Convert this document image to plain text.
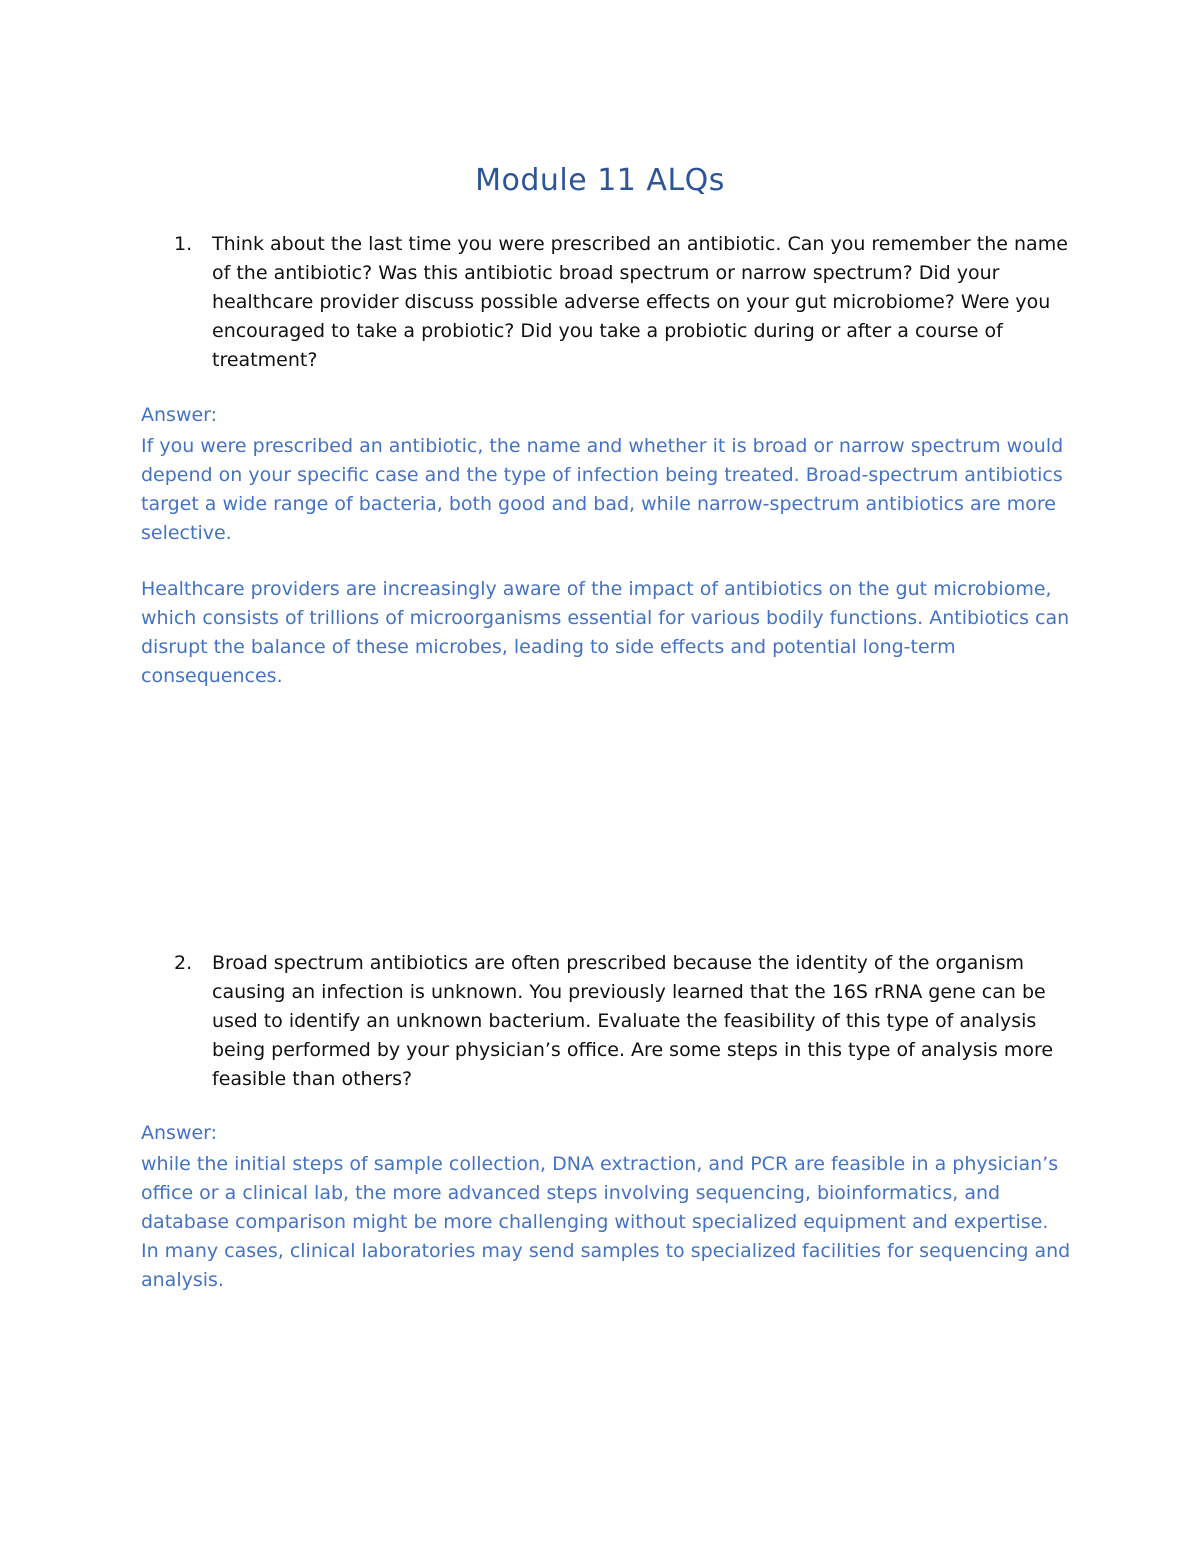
Module 11 ALQs
1. Think about the last time you were prescribed an antibiotic. Can you remember the name of the antibiotic? Was this antibiotic broad spectrum or narrow spectrum? Did your healthcare provider discuss possible adverse effects on your gut microbiome? Were you encouraged to take a probiotic? Did you take a probiotic during or after a course of treatment?
Answer:

If you were prescribed an antibiotic, the name and whether it is broad or narrow spectrum would depend on your specific case and the type of infection being treated. Broad-spectrum antibiotics target a wide range of bacteria, both good and bad, while narrow-spectrum antibiotics are more selective.

Healthcare providers are increasingly aware of the impact of antibiotics on the gut microbiome, which consists of trillions of microorganisms essential for various bodily functions. Antibiotics can disrupt the balance of these microbes, leading to side effects and potential long-term consequences.

2. Broad spectrum antibiotics are often prescribed because the identity of the organism causing an infection is unknown. You previously learned that the 16S rRNA gene can be used to identify an unknown bacterium. Evaluate the feasibility of this type of analysis being performed by your physician’s office. Are some steps in this type of analysis more feasible than others?
Answer:

while the initial steps of sample collection, DNA extraction, and PCR are feasible in a physician’s office or a clinical lab, the more advanced steps involving sequencing, bioinformatics, and database comparison might be more challenging without specialized equipment and expertise. In many cases, clinical laboratories may send samples to specialized facilities for sequencing and analysis.
